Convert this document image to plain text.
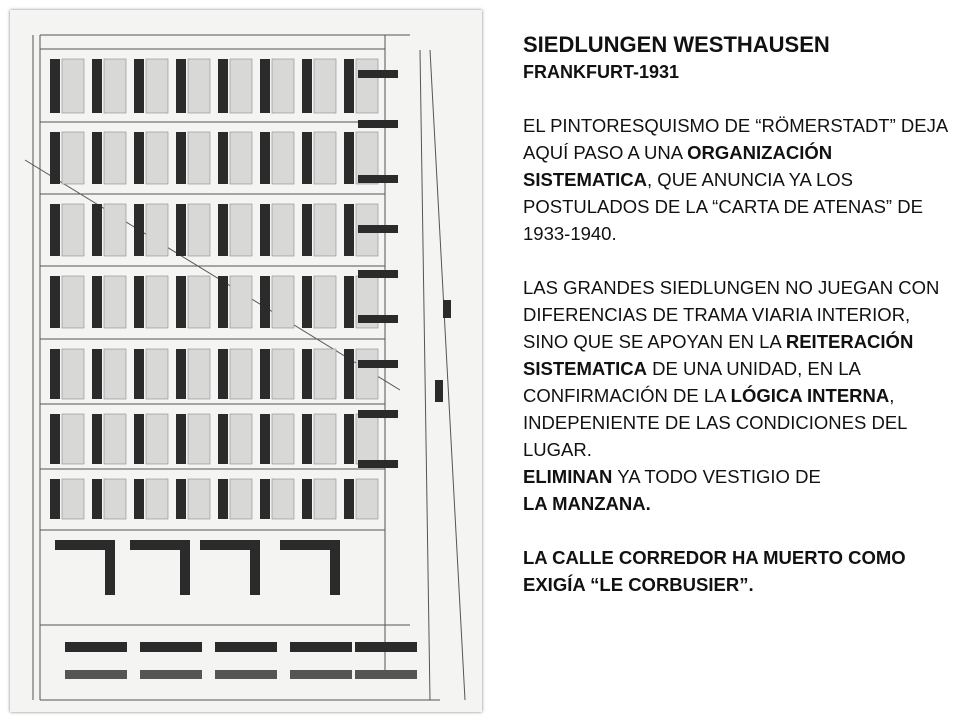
SIEDLUNGEN WESTHAUSEN

FRANKFURT-1931

EL PINTORESQUISMO DE “RÖMERSTADT” DEJA AQUÍ PASO A UNA ORGANIZACIÓN SISTEMATICA, QUE ANUNCIA YA LOS POSTULADOS DE LA “CARTA DE ATENAS” DE 1933-1940.

LAS GRANDES SIEDLUNGEN NO JUEGAN CON DIFERENCIAS DE TRAMA VIARIA INTERIOR, SINO QUE SE APOYAN EN LA REITERACIÓN SISTEMATICA DE UNA UNIDAD, EN LA CONFIRMACIÓN DE LA LÓGICA INTERNA, INDEPENIENTE DE LAS CONDICIONES DEL LUGAR.
ELIMINAN YA TODO VESTIGIO DE
LA MANZANA.

LA CALLE CORREDOR HA MUERTO COMO EXIGÍA “LE CORBUSIER”.
